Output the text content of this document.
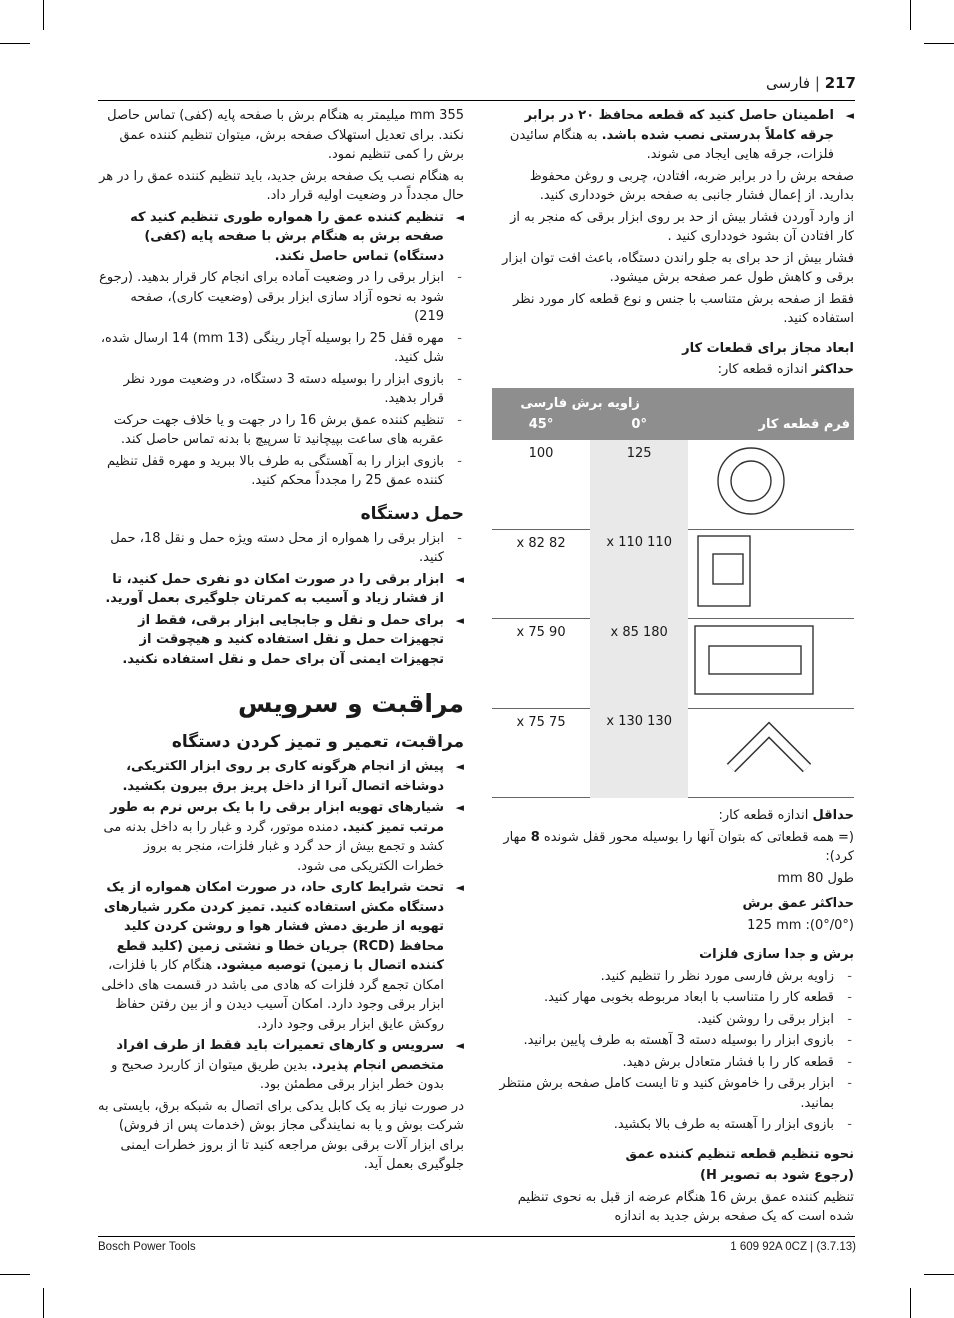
217 | فارسی
◄
اطمینان حاصل کنید که قطعه محافظ ۲۰ در برابر جرقه کاملاً بدرستی نصب شده باشد. به هنگام سائیدن فلزات، جرقه هایی ایجاد می شوند.

صفحه برش را در برابر ضربه، افتادن، چربی و روغن محفوظ بدارید. از إعمال فشار جانبی به صفحه برش خودداری کنید.

از وارد آوردن فشار بیش از حد بر روی ابزار برقی که منجر به از کار افتادن آن بشود خودداری کنید .

فشار بیش از حد برای به جلو راندن دستگاه، باعث افت توان ابزار برقی و کاهش طول عمر صفحه برش میشود.

فقط از صفحه برش متناسب با جنس و نوع قطعه کار مورد نظر استفاده کنید.

ابعاد مجاز برای قطعات کار

حداکثر اندازه قطعه کار:

فرم قطعه کار	زاویه برش فارسی	
	0°	45°
	125	100
	110 x 110	82 x 82
	180 x 85	90 x 75
	130 x 130	75 x 75

حداقل اندازه قطعه کار:

(= همه قطعاتی که بتوان آنها را بوسیله محور قفل شونده 8 مهار کرد):

طول 80 mm

حداکثر عمق برش

125 mm :(0°/0°)

برش و جدا سازی فلزات
-
زاویه برش فارسی مورد نظر را تنظیم کنید.
-
قطعه کار را متناسب با ابعاد مربوطه بخوبی مهار کنید.
-
ابزار برقی را روشن کنید.
-
بازوی ابزار را بوسیله دسته 3 آهسته به طرف پایین برانید.
-
قطعه کار را با فشار متعادل برش دهید.
-
ابزار برقی را خاموش کنید و تا ایست کامل صفحه برش منتظر بمانید.
-
بازوی ابزار را آهسته به طرف بالا بکشید.
نحوه تنظیم قطعه تنظیم کننده عمق
(رجوع شود به تصویر H)

تنظیم کننده عمق برش 16 هنگام عرضه از قبل به نحوی تنظیم شده است که یک صفحه برش جدید به اندازه

355 mm میلیمتر به هنگام برش با صفحه پایه (کفی) تماس حاصل نکند. برای تعدیل استهلاک صفحه برش، میتوان تنظیم کننده عمق برش را کمی تنظیم نمود.

به هنگام نصب یک صفحه برش جدید، باید تنظیم کننده عمق را در هر حال مجدداً در وضعیت اولیه قرار داد.

◄
تنظیم کننده عمق را همواره طوری تنظیم کنید که صفحه برش به هنگام برش با صفحه پایه (کفی) دستگاه) تماس حاصل نکند.
-
ابزار برقی را در وضعیت آماده برای انجام کار قرار بدهید. (رجوع شود به نحوه آزاد سازی ابزار برقی (وضعیت کاری)، صفحه 219)
-
مهره قفل 25 را بوسیله آچار رینگی (13 mm) 14 ارسال شده، شل کنید.
-
بازوی ابزار را بوسیله دسته 3 دستگاه، در وضعیت مورد نظر قرار بدهید.
-
تنظیم کننده عمق برش 16 را در جهت و یا خلاف جهت حرکت عقربه های ساعت بپیچانید تا سرپیچ با بدنه تماس حاصل کند.
-
بازوی ابزار را به آهستگی به طرف بالا ببرید و مهره قفل تنظیم کننده عمق 25 را مجدداً محکم کنید.
حمل دستگاه
-
ابزار برقی را همواره از محل دسته ویژه حمل و نقل 18، حمل کنید.
◄
ابزار برقی را در صورت امکان دو نفری حمل کنید، تا از فشار زیاد و آسیب به کمرتان جلوگیری بعمل آورید.
◄
برای حمل و نقل و جابجایی ابزار برقی، فقط از تجهیزات حمل و نقل استفاده کنید و هیچوقت از تجهیزات ایمنی آن برای حمل و نقل استفاده نکنید.
مراقبت و سرویس
مراقبت، تعمیر و تمیز کردن دستگاه
◄
پیش از انجام هرگونه کاری بر روی ابزار الکتریکی، دوشاخه اتصال آنرا از داخل پریز برق بیرون بکشید.
◄
شیارهای تهویه ابزار برقی را با یک برس نرم به طور مرتب تمیز کنید. دمنده موتور، گرد و غبار را به داخل بدنه می کشد و تجمع بیش از حد گرد و غبار فلزات، منجر به بروز خطرات الکتریکی می شود.
◄
تحت شرایط کاری حاد، در صورت امکان همواره از یک دستگاه مکش استفاده کنید. تمیز کردن مکرر شیارهای تهویه از طریق دمش فشار هوا و روشن کردن کلید محافظ (RCD) جریان خطا و نشتی زمین (کلید قطع کننده اتصال با زمین) توصیه میشود. هنگام کار با فلزات، امکان تجمع گرد فلزات که هادی می باشد در قسمت های داخلی ابزار برقی وجود دارد. امکان آسیب دیدن و از بین رفتن حفاظ روکش عایق ابزار برقی وجود دارد.
◄
سرویس و کارهای تعمیرات باید فقط از طرف افراد متخصص انجام پذیرد. بدین طریق میتوان از کاربرد صحیح و بدون خطر ابزار برقی مطمئن بود.

در صورت نیاز به یک کابل یدکی برای اتصال به شبکه برق، بایستی به شرکت بوش و یا به نمایندگی مجاز بوش (خدمات پس از فروش) برای ابزار آلات برقی بوش مراجعه کنید تا از بروز خطرات ایمنی جلوگیری بعمل آید.

Bosch Power Tools	1 609 92A 0CZ | (3.7.13)
